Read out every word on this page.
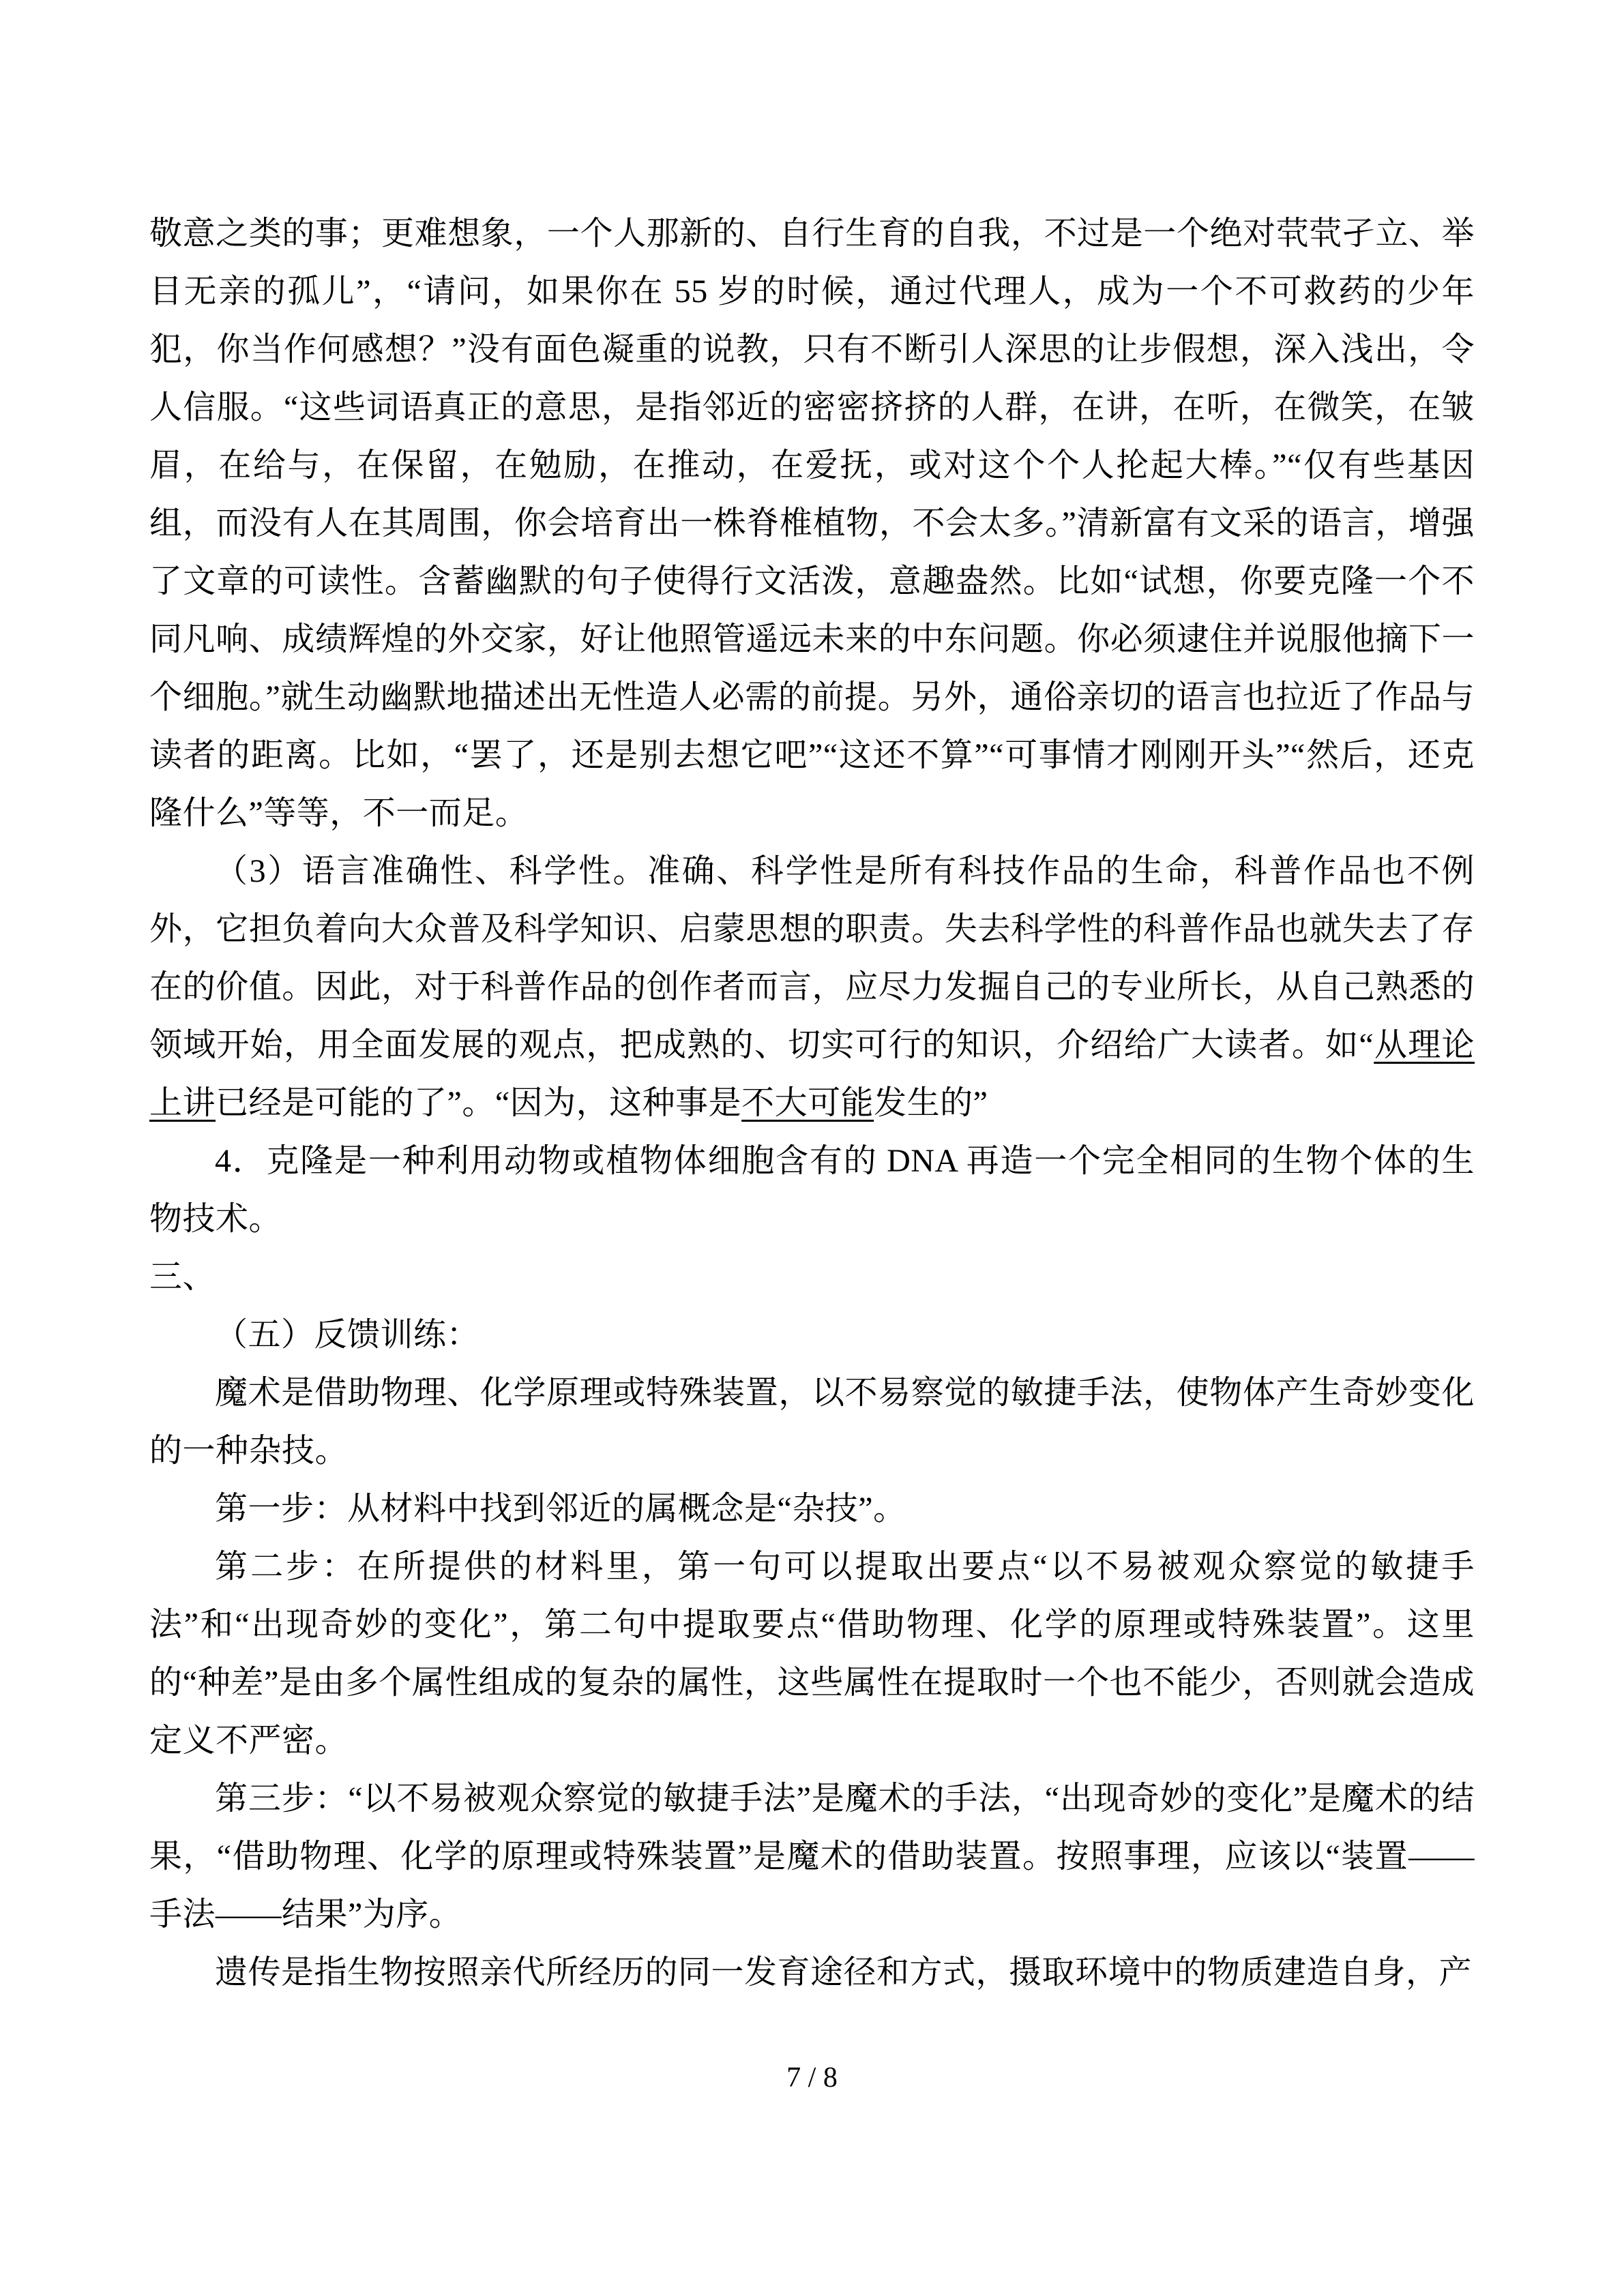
敬意之类的事；更难想象，一个人那新的、自行生育的自我，不过是一个绝对茕茕孑立、举目无亲的孤儿”，“请问，如果你在 55 岁的时候，通过代理人，成为一个不可救药的少年犯，你当作何感想？”没有面色凝重的说教，只有不断引人深思的让步假想，深入浅出，令人信服。“这些词语真正的意思，是指邻近的密密挤挤的人群，在讲，在听，在微笑，在皱眉，在给与，在保留，在勉励，在推动，在爱抚，或对这个个人抡起大棒。”“仅有些基因组，而没有人在其周围，你会培育出一株脊椎植物，不会太多。”清新富有文采的语言，增强了文章的可读性。含蓄幽默的句子使得行文活泼，意趣盎然。比如“试想，你要克隆一个不同凡响、成绩辉煌的外交家，好让他照管遥远未来的中东问题。你必须逮住并说服他摘下一个细胞。”就生动幽默地描述出无性造人必需的前提。另外，通俗亲切的语言也拉近了作品与读者的距离。比如，“罢了，还是别去想它吧”“这还不算”“可事情才刚刚开头”“然后，还克隆什么”等等，不一而足。

（3）语言准确性、科学性。准确、科学性是所有科技作品的生命，科普作品也不例外，它担负着向大众普及科学知识、启蒙思想的职责。失去科学性的科普作品也就失去了存在的价值。因此，对于科普作品的创作者而言，应尽力发掘自己的专业所长，从自己熟悉的领域开始，用全面发展的观点，把成熟的、切实可行的知识，介绍给广大读者。如“从理论上讲已经是可能的了”。“因为，这种事是不大可能发生的”

4．克隆是一种利用动物或植物体细胞含有的 DNA 再造一个完全相同的生物个体的生物技术。

三、

（五）反馈训练：

魔术是借助物理、化学原理或特殊装置，以不易察觉的敏捷手法，使物体产生奇妙变化的一种杂技。

第一步：从材料中找到邻近的属概念是“杂技”。

第二步：在所提供的材料里，第一句可以提取出要点“以不易被观众察觉的敏捷手法”和“出现奇妙的变化”，第二句中提取要点“借助物理、化学的原理或特殊装置”。这里的“种差”是由多个属性组成的复杂的属性，这些属性在提取时一个也不能少，否则就会造成定义不严密。

第三步：“以不易被观众察觉的敏捷手法”是魔术的手法，“出现奇妙的变化”是魔术的结果，“借助物理、化学的原理或特殊装置”是魔术的借助装置。按照事理，应该以“装置——手法——结果”为序。

遗传是指生物按照亲代所经历的同一发育途径和方式，摄取环境中的物质建造自身，产

7 / 8
